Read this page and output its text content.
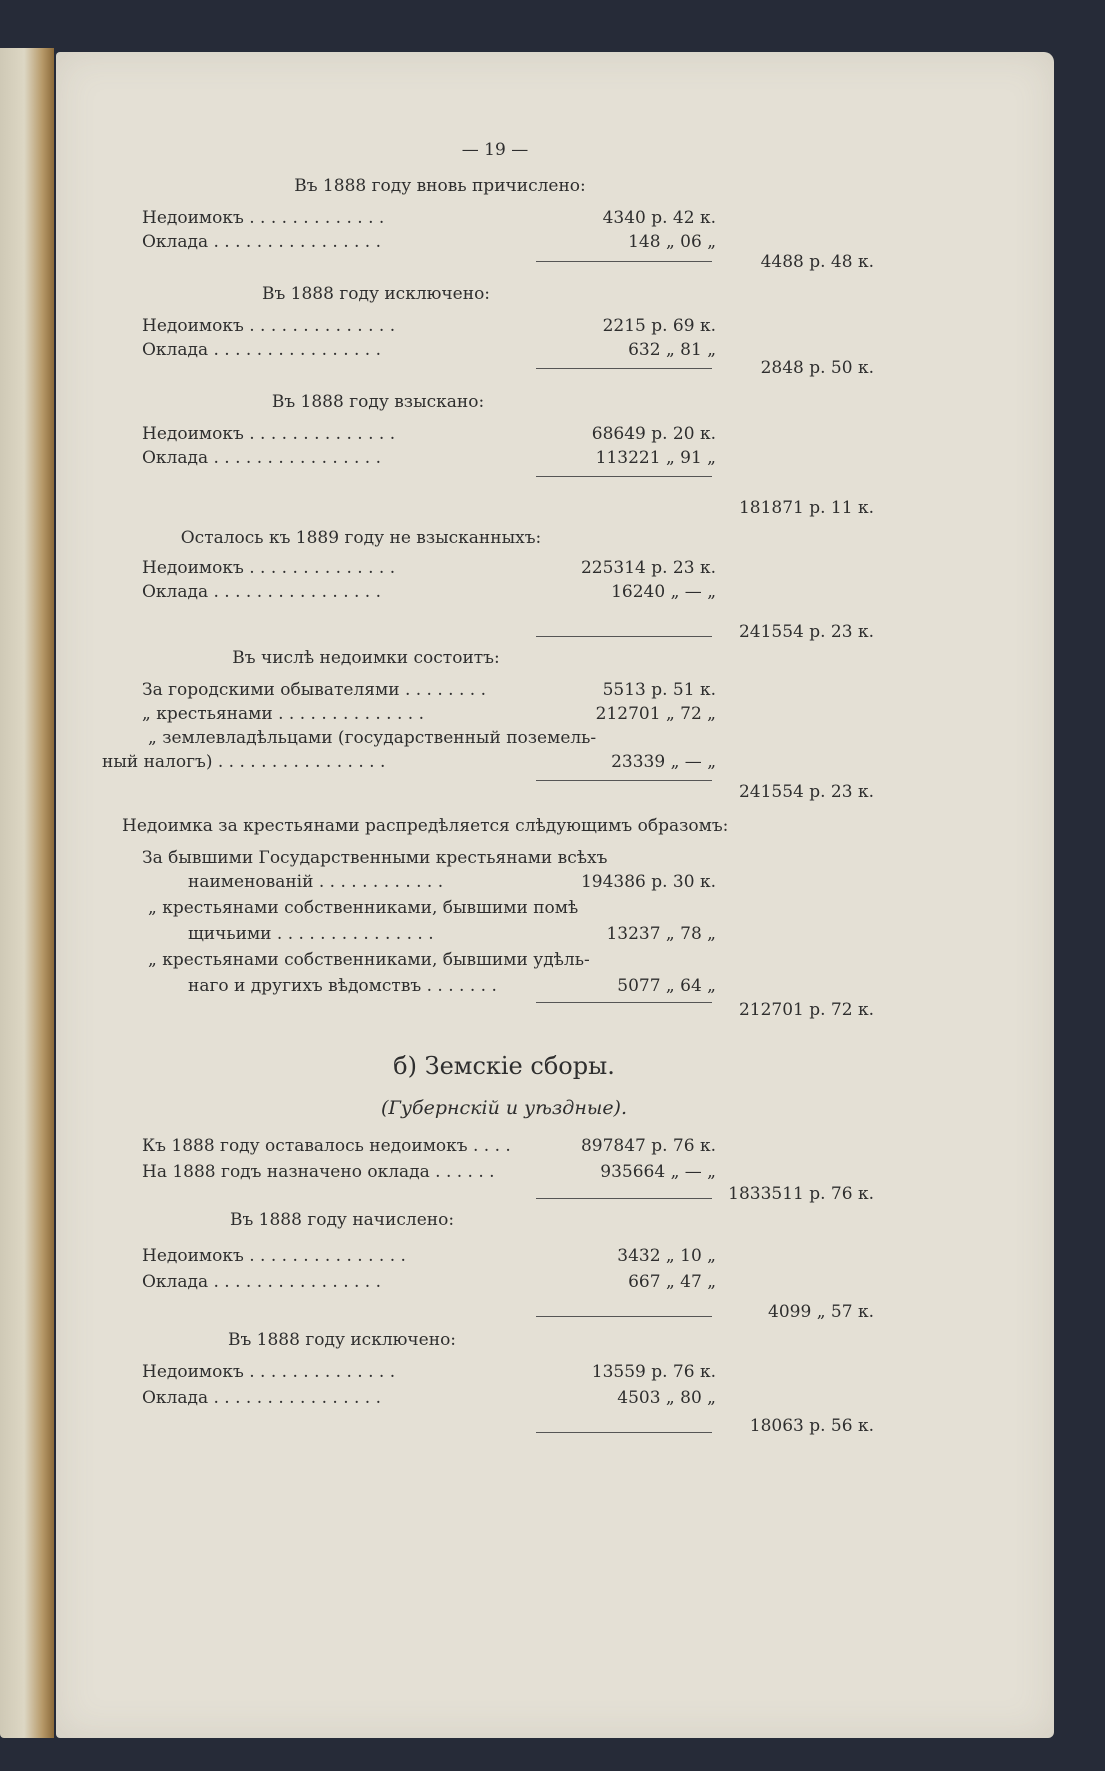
— 19 —
Въ 1888 году вновь причислено:
Недоимокъ . . . . . . . . . . . . .	4340 р. 42 к.
Оклада . . . . . . . . . . . . . . . .	148 „ 06 „
4488 р. 48 к.
Въ 1888 году исключено:
Недоимокъ . . . . . . . . . . . . . .	2215 р. 69 к.
Оклада . . . . . . . . . . . . . . . .	632 „ 81 „
2848 р. 50 к.
Въ 1888 году взыскано:
Недоимокъ . . . . . . . . . . . . . .	68649 р. 20 к.
Оклада . . . . . . . . . . . . . . . .	113221 „ 91 „
181871 р. 11 к.
Осталось къ 1889 году не взысканныхъ:
Недоимокъ . . . . . . . . . . . . . .	225314 р. 23 к.
Оклада . . . . . . . . . . . . . . . .	16240 „ — „
241554 р. 23 к.
Въ числѣ недоимки состоитъ:
За городскими обывателями . . . . . . . .	5513 р. 51 к.
„ крестьянами . . . . . . . . . . . . . .	212701 „ 72 „
„ землевладѣльцами (государственный поземель-
ный налогъ) . . . . . . . . . . . . . . . .	23339 „ — „
241554 р. 23 к.
Недоимка за крестьянами распредѣляется слѣдующимъ образомъ:
За бывшими Государственными крестьянами всѣхъ
наименованій . . . . . . . . . . . .	194386 р. 30 к.
„ крестьянами собственниками, бывшими помѣ
щичьими . . . . . . . . . . . . . . .	13237 „ 78 „
„ крестьянами собственниками, бывшими удѣль-
наго и другихъ вѣдомствъ . . . . . . .	5077 „ 64 „
212701 р. 72 к.
б) Земскіе сборы.
(Губернскій и уѣздные).
Къ 1888 году оставалось недоимокъ . . . .	897847 р. 76 к.
На 1888 годъ назначено оклада . . . . . .	935664 „ — „
1833511 р. 76 к.
Въ 1888 году начислено:
Недоимокъ . . . . . . . . . . . . . . .	3432 „ 10 „
Оклада . . . . . . . . . . . . . . . .	667 „ 47 „
4099 „ 57 к.
Въ 1888 году исключено:
Недоимокъ . . . . . . . . . . . . . .	13559 р. 76 к.
Оклада . . . . . . . . . . . . . . . .	4503 „ 80 „
18063 р. 56 к.
